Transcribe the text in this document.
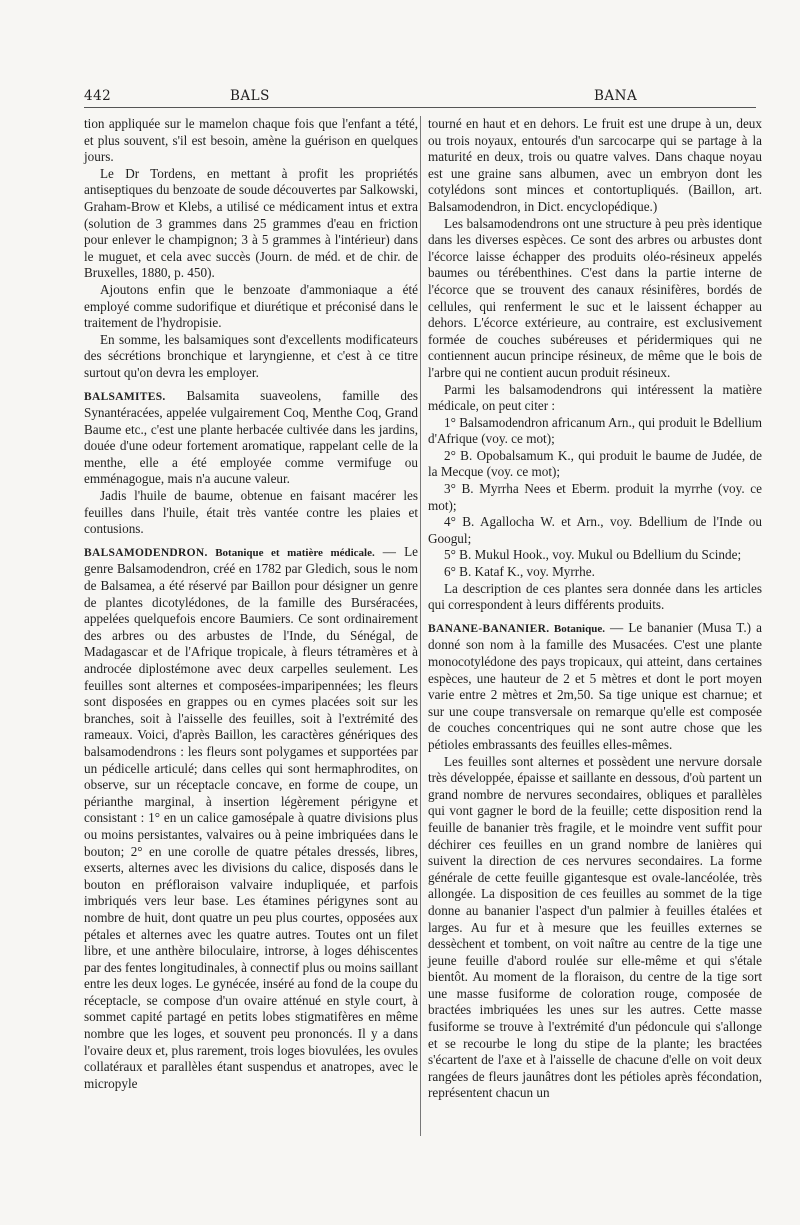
442	BALS	BANA

tion appliquée sur le mamelon chaque fois que l'enfant a tété, et plus souvent, s'il est besoin, amène la guérison en quelques jours.

Le Dr Tordens, en mettant à profit les propriétés antiseptiques du benzoate de soude découvertes par Salkowski, Graham-Brow et Klebs, a utilisé ce médicament intus et extra (solution de 3 grammes dans 25 grammes d'eau en friction pour enlever le champignon; 3 à 5 grammes à l'intérieur) dans le muguet, et cela avec succès (Journ. de méd. et de chir. de Bruxelles, 1880, p. 450).

Ajoutons enfin que le benzoate d'ammoniaque a été employé comme sudorifique et diurétique et préconisé dans le traitement de l'hydropisie.

En somme, les balsamiques sont d'excellents modificateurs des sécrétions bronchique et laryngienne, et c'est à ce titre surtout qu'on devra les employer.

BALSAMITES. Balsamita suaveolens, famille des Synantéracées, appelée vulgairement Coq, Menthe Coq, Grand Baume etc., c'est une plante herbacée cultivée dans les jardins, douée d'une odeur fortement aromatique, rappelant celle de la menthe, elle a été employée comme vermifuge ou emménagogue, mais n'a aucune valeur.

Jadis l'huile de baume, obtenue en faisant macérer les feuilles dans l'huile, était très vantée contre les plaies et contusions.

BALSAMODENDRON. Botanique et matière médicale. — Le genre Balsamodendron, créé en 1782 par Gledich, sous le nom de Balsamea, a été réservé par Baillon pour désigner un genre de plantes dicotylédones, de la famille des Burséracées, appelées quelquefois encore Baumiers. Ce sont ordinairement des arbres ou des arbustes de l'Inde, du Sénégal, de Madagascar et de l'Afrique tropicale, à fleurs tétramères et à androcée diplostémone avec deux carpelles seulement. Les feuilles sont alternes et composées-imparipennées; les fleurs sont disposées en grappes ou en cymes placées soit sur les branches, soit à l'aisselle des feuilles, soit à l'extrémité des rameaux. Voici, d'après Baillon, les caractères génériques des balsamodendrons : les fleurs sont polygames et supportées par un pédicelle articulé; dans celles qui sont hermaphrodites, on observe, sur un réceptacle concave, en forme de coupe, un périanthe marginal, à insertion légèrement périgyne et consistant : 1° en un calice gamosépale à quatre divisions plus ou moins persistantes, valvaires ou à peine imbriquées dans le bouton; 2° en une corolle de quatre pétales dressés, libres, exserts, alternes avec les divisions du calice, disposés dans le bouton en préfloraison valvaire indupliquée, et parfois imbriqués vers leur base. Les étamines périgynes sont au nombre de huit, dont quatre un peu plus courtes, opposées aux pétales et alternes avec les quatre autres. Toutes ont un filet libre, et une anthère biloculaire, introrse, à loges déhiscentes par des fentes longitudinales, à connectif plus ou moins saillant entre les deux loges. Le gynécée, inséré au fond de la coupe du réceptacle, se compose d'un ovaire atténué en style court, à sommet capité partagé en petits lobes stigmatifères en même nombre que les loges, et souvent peu prononcés. Il y a dans l'ovaire deux et, plus rarement, trois loges biovulées, les ovules collatéraux et parallèles étant suspendus et anatropes, avec le micropyle

tourné en haut et en dehors. Le fruit est une drupe à un, deux ou trois noyaux, entourés d'un sarcocarpe qui se partage à la maturité en deux, trois ou quatre valves. Dans chaque noyau est une graine sans albumen, avec un embryon dont les cotylédons sont minces et contortupliqués. (Baillon, art. Balsamodendron, in Dict. encyclopédique.)

Les balsamodendrons ont une structure à peu près identique dans les diverses espèces. Ce sont des arbres ou arbustes dont l'écorce laisse échapper des produits oléo-résineux appelés baumes ou térébenthines. C'est dans la partie interne de l'écorce que se trouvent des canaux résinifères, bordés de cellules, qui renferment le suc et le laissent échapper au dehors. L'écorce extérieure, au contraire, est exclusivement formée de couches subéreuses et péridermiques qui ne contiennent aucun principe résineux, de même que le bois de l'arbre qui ne contient aucun produit résineux.

Parmi les balsamodendrons qui intéressent la matière médicale, on peut citer :

1° Balsamodendron africanum Arn., qui produit le Bdellium d'Afrique (voy. ce mot);

2° B. Opobalsamum K., qui produit le baume de Judée, de la Mecque (voy. ce mot);

3° B. Myrrha Nees et Eberm. produit la myrrhe (voy. ce mot);

4° B. Agallocha W. et Arn., voy. Bdellium de l'Inde ou Googul;

5° B. Mukul Hook., voy. Mukul ou Bdellium du Scinde;

6° B. Kataf K., voy. Myrrhe.

La description de ces plantes sera donnée dans les articles qui correspondent à leurs différents produits.

BANANE-BANANIER. Botanique. — Le bananier (Musa T.) a donné son nom à la famille des Musacées. C'est une plante monocotylédone des pays tropicaux, qui atteint, dans certaines espèces, une hauteur de 2 et 5 mètres et dont le port moyen varie entre 2 mètres et 2m,50. Sa tige unique est charnue; et sur une coupe transversale on remarque qu'elle est composée de couches concentriques qui ne sont autre chose que les pétioles embrassants des feuilles elles-mêmes.

Les feuilles sont alternes et possèdent une nervure dorsale très développée, épaisse et saillante en dessous, d'où partent un grand nombre de nervures secondaires, obliques et parallèles qui vont gagner le bord de la feuille; cette disposition rend la feuille de bananier très fragile, et le moindre vent suffit pour déchirer ces feuilles en un grand nombre de lanières qui suivent la direction de ces nervures secondaires. La forme générale de cette feuille gigantesque est ovale-lancéolée, très allongée. La disposition de ces feuilles au sommet de la tige donne au bananier l'aspect d'un palmier à feuilles étalées et larges. Au fur et à mesure que les feuilles externes se dessèchent et tombent, on voit naître au centre de la tige une jeune feuille d'abord roulée sur elle-même et qui s'étale bientôt. Au moment de la floraison, du centre de la tige sort une masse fusiforme de coloration rouge, composée de bractées imbriquées les unes sur les autres. Cette masse fusiforme se trouve à l'extrémité d'un pédoncule qui s'allonge et se recourbe le long du stipe de la plante; les bractées s'écartent de l'axe et à l'aisselle de chacune d'elle on voit deux rangées de fleurs jaunâtres dont les pétioles après fécondation, représentent chacun un
